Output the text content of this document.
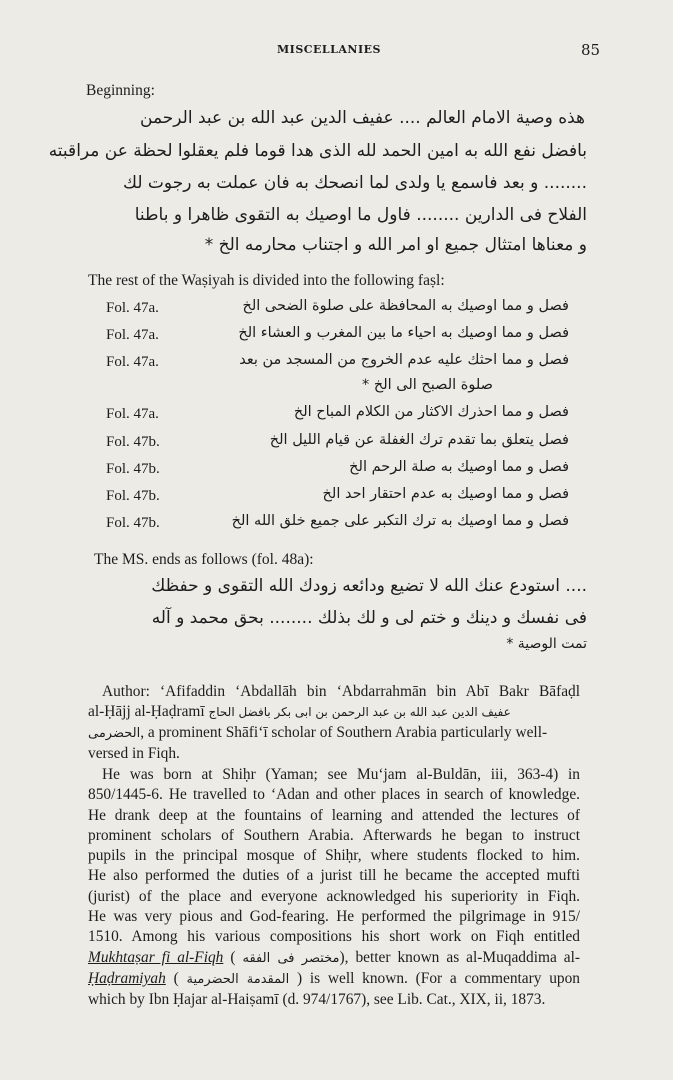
MISCELLANIES	85
Beginning:
هذه وصية الامام العالم .... عفيف الدين عبد الله بن عبد الرحمن
بافضل نفع الله به امين الحمد لله الذى هدا قوما فلم يعقلوا لحظة عن مراقبته
........ و بعد فاسمع يا ولدى لما انصحك به فان عملت به رجوت لك
الفلاح فى الدارين ........ فاول ما اوصيك به التقوى ظاهرا و باطنا
و معناها امتثال جميع او امر الله و اجتناب محارمه الخ *
The rest of the Waṣiyah is divided into the following faṣl:
Fol. 47a.	فصل و مما اوصيك به المحافظة على صلوة الضحى الخ
Fol. 47a.	فصل و مما اوصيك به احياء ما بين المغرب و العشاء الخ
Fol. 47a.	فصل و مما احثك عليه عدم الخروج من المسجد من بعد
صلوة الصبح الى الخ *
Fol. 47a.	فصل و مما احذرك الاكثار من الكلام المباح الخ
Fol. 47b.	فصل يتعلق بما تقدم ترك الغفلة عن قيام الليل الخ
Fol. 47b.	فصل و مما اوصيك به صلة الرحم الخ
Fol. 47b.	فصل و مما اوصيك به عدم احتقار احد الخ
Fol. 47b.	فصل و مما اوصيك به ترك التكبر على جميع خلق الله الخ
The MS. ends as follows (fol. 48a):
.... استودع عنك الله لا تضيع ودائعه زودك الله التقوى و حفظك
فى نفسك و دينك و ختم لى و لك بذلك ........ بحق محمد و آله
تمت الوصية *
Author: ‘Afifaddin ‘Abdallāh bin ‘Abdarrahmān bin Abī Bakr Bāfaḍl
al-Ḥājj al-Ḥaḍramī عفيف الدين عبد الله بن عبد الرحمن بن ابى بكر بافضل الحاج
الحضرمى, a prominent Shāfi‘ī scholar of Southern Arabia particularly well-
versed in Fiqh.
He was born at Shiḥr (Yaman; see Mu‘jam al-Buldān, iii, 363-4) in
850/1445-6. He travelled to ‘Adan and other places in search of knowledge.
He drank deep at the fountains of learning and attended the lectures of
prominent scholars of Southern Arabia. Afterwards he began to instruct
pupils in the principal mosque of Shiḥr, where students flocked to him.
He also performed the duties of a jurist till he became the accepted mufti
(jurist) of the place and everyone acknowledged his superiority in Fiqh.
He was very pious and God-fearing. He performed the pilgrimage in 915/
1510. Among his various compositions his short work on Fiqh entitled
Mukhtaṣar fi al-Fiqh ( مختصر فى الفقه), better known as al-Muqaddima al-
Ḥaḍramiyah ( المقدمة الحضرمية ) is well known. (For a commentary upon
which by Ibn Ḥajar al-Haiṣamī (d. 974/1767), see Lib. Cat., XIX, ii, 1873.
